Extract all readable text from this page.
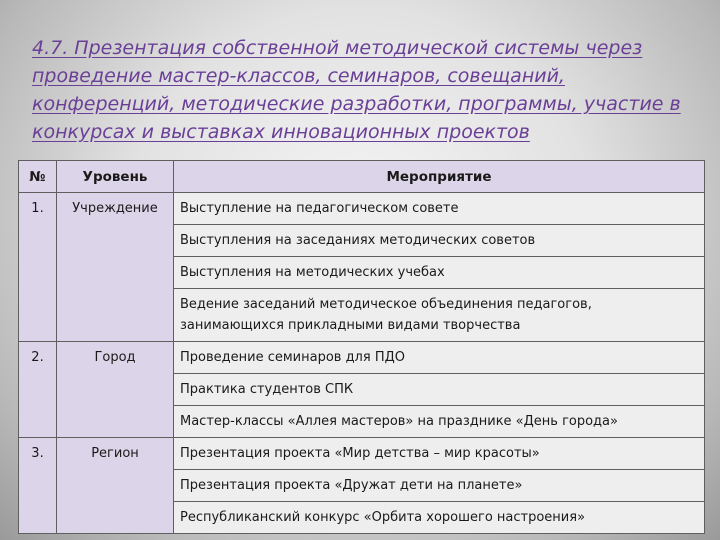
4.7. Презентация собственной методической системы через проведение мастер-классов, семинаров, совещаний, конференций, методические разработки, программы, участие в конкурсах и выставках инновационных проектов
№	Уровень	Мероприятие
1.	Учреждение	Выступление на педагогическом совете
		Выступления на заседаниях методических советов
		Выступления на методических учебах
		Ведение заседаний методическое объединения педагогов, занимающихся прикладными видами творчества
2.	Город	Проведение семинаров для ПДО
		Практика студентов СПК
		Мастер-классы «Аллея мастеров» на празднике «День города»
3.	Регион	Презентация проекта «Мир детства – мир красоты»
		Презентация проекта «Дружат дети на планете»
		Республиканский конкурс «Орбита хорошего настроения»
